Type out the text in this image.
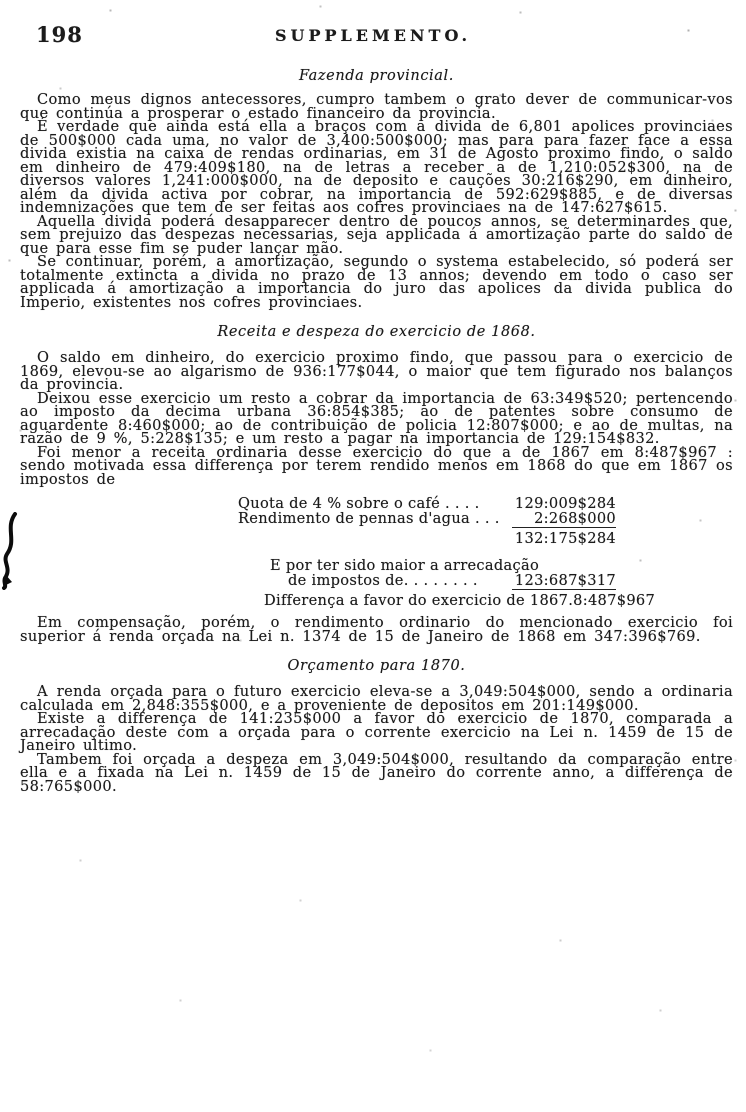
198	SUPPLEMENTO.
Fazenda provincial.

Como meus dignos antecessores, cumpro tambem o grato dever de communicar-vos que continúa a prosperar o estado financeiro da provincia.

É verdade que ainda está ella a braços com a divida de 6,801 apolices provinciaes de 500$000 cada uma, no valor de 3,400:500$000; mas para para fazer face a essa divida existia na caixa de rendas ordinarias, em 31 de Agosto proximo findo, o saldo em dinheiro de 479:409$180, na de letras a receber a de 1,210:052$300, na de diversos valores 1,241:000$000, na de deposito e cauções 30:216$290, em dinheiro, além da divida activa por cobrar, na importancia de 592:629$885, e de diversas indemnizações que tem de ser feitas aos cofres provinciaes na de 147:627$615.

Aquella divida poderá desapparecer dentro de poucos annos, se determinardes que, sem prejuizo das despezas necessarias, seja applicada á amortização parte do saldo de que para esse fim se puder lançar mão.

Se continuar, porém, a amortização, segundo o systema estabelecido, só poderá ser totalmente extincta a divida no prazo de 13 annos; devendo em todo o caso ser applicada á amortização a importancia do juro das apolices da divida publica do Imperio, existentes nos cofres provinciaes.

Receita e despeza do exercicio de 1868.

O saldo em dinheiro, do exercicio proximo findo, que passou para o exercicio de 1869, elevou-se ao algarismo de 936:177$044, o maior que tem figurado nos balanços da provincia.

Deixou esse exercicio um resto a cobrar da importancia de 63:349$520; pertencendo ao imposto da decima urbana 36:854$385; ao de patentes sobre consumo de aguardente 8:460$000; ao de contribuição de policia 12:807$000; e ao de multas, na razão de 9 %, 5:228$135; e um resto a pagar na importancia de 129:154$832.

Foi menor a receita ordinaria desse exercicio do que a de 1867 em 8:487$967 : sendo motivada essa differença por terem rendido menos em 1868 do que em 1867 os impostos de

Quota de 4 % sobre o café . . . . 129:009$284
Rendimento de pennas d'agua . . .	2:268$000
132:175$284
E por ter sido maior a arrecadação
de impostos de. . . . . . . .	123:687$317
Differença a favor do exercicio de 1867. 8:487$967

Em compensação, porém, o rendimento ordinario do mencionado exercicio foi superior á renda orçada na Lei n. 1374 de 15 de Janeiro de 1868 em 347:396$769.

Orçamento para 1870.

A renda orçada para o futuro exercicio eleva-se a 3,049:504$000, sendo a ordinaria calculada em 2,848:355$000, e a proveniente de depositos em 201:149$000.

Existe a differença de 141:235$000 a favor do exercicio de 1870, comparada a arrecadação deste com a orçada para o corrente exercicio na Lei n. 1459 de 15 de Janeiro ultimo.

Tambem foi orçada a despeza em 3,049:504$000, resultando da comparação entre ella e a fixada na Lei n. 1459 de 15 de Janeiro do corrente anno, a differença de 58:765$000.
